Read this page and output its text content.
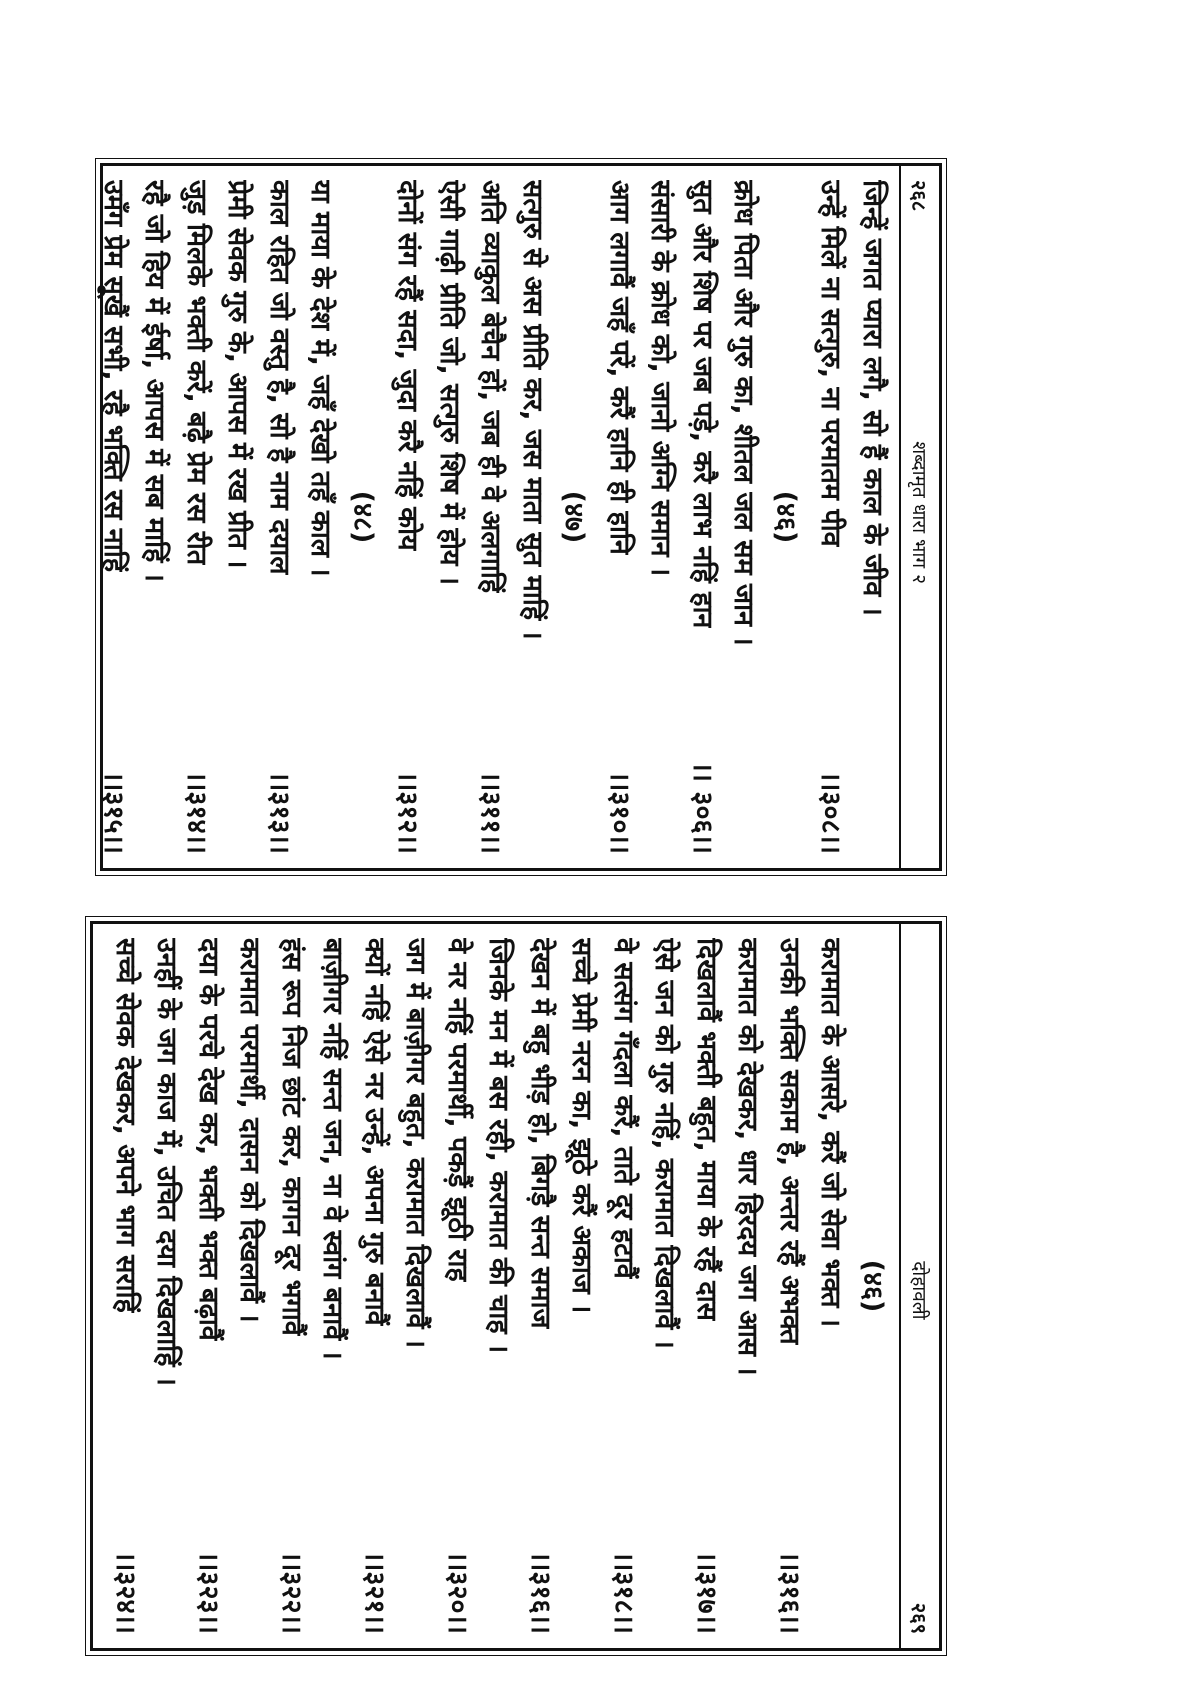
२६८
शब्दामृत धारा भाग २
जिन्हें जगत प्यारा लगै, सो हैं काल के जीव ।
उन्हें मिलें ना सत्गुरु, ना परमातम पीव
।।३०८।।
(४६)
क्रोध पिता और गुरु का, शीतल जल सम जान ।
सुत और शिष पर जब पड़े, करै लाभ नहिं हान
।। ३०६।।
संसारी के क्रोध को, जानो अग्नि समान ।
आग लगावैं जहँ परें, करैं हानि ही हानि
।।३१०।।
(४७)
सत्गुरु से अस प्रीति कर, जस माता सुत माहिं ।
अति व्याकुल बेचैन हों, जब ही वे अलगाहिं
।।३११।।
ऐसी गाढ़ी प्रीति जो, सत्गुरु शिष में होय ।
दोनों संग रहैं सदा, जुदा करै नहिं कोय
।।३१२।।
(४८)
या माया के देश में, जहँ देखो तहँ काल ।
काल रहित जो वस्तु है, सो है नाम दयाल
।।३१३।।
प्रेमी सेवक गुरु के, आपस में रख प्रीत ।
जुड़ मिलके भक्ती करें, बढ़ै प्रेम रस रीत
।।३१४।।
रहै जो हिय में ईर्षा, आपस में सब माहिं ।
उमँग प्रेम सूखैं सभी, रहै भक्ति रस नाहिं
।।३१५।।
दोहावली
२६९
(४६)
करामात के आसरे, करैं जो सेवा भक्त ।
उनकी भक्ति सकाम है, अन्तर रहैं अभक्त
।।३१६।।
करामात को देखकर, धार हिरदय जग आस ।
दिखलावैं भक्ती बहुत, माया के रहैं दास
।।३१७।।
ऐसे जन को गुरु नहिं, करामात दिखलावैं ।
वे सत्संग गँदला करैं, ताते दूर हटावैं
।।३१८।।
सच्चे प्रेमी नरन का, झूठे करैं अकाज ।
देखन में बहु भीड़ हो, बिगड़ै सन्त समाज
।।३१६।।
जिनके मन में बस रही, करामात की चाह ।
वे नर नहिं परमार्थी, पकड़ैं झूठी राह
।।३२०।।
जग में बाज़ीगर बहुत, करामात दिखलावैं ।
क्यों नहिं ऐसे नर उन्हें, अपना गुरु बनावैं
।।३२१।।
बाज़ीगर नहिं सन्त जन, ना वे स्वांग बनावैं ।
हंस रूप निज छांट कर, कागन दूर भगावैं
।।३२२।।
करामात परमार्थी, दासन को दिखलावैं ।
दया के परचे देख कर, भक्ती भक्त बढ़ावैं
।।३२३।।
उनहीं के जग काज में, उचित दया दिखलाहिं ।
सच्चे सेवक देखकर, अपने भाग सराहिं
।।३२४।।
